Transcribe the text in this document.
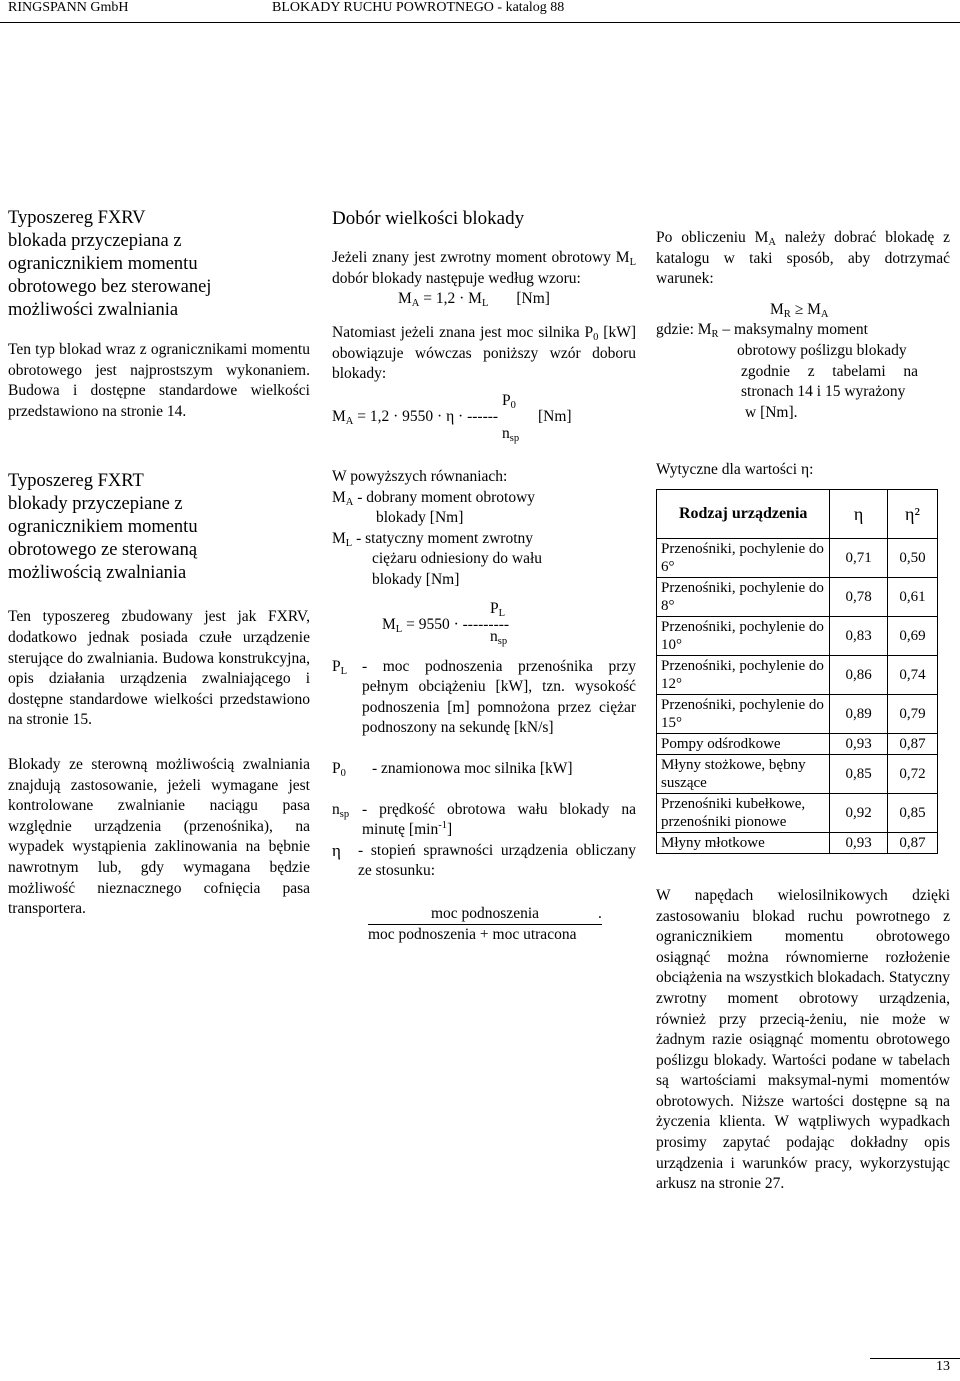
RINGSPANN GmbH	BLOKADY RUCHU POWROTNEGO - katalog 88
Typoszereg FXRV
blokada przyczepiana z
ogranicznikiem momentu
obrotowego bez sterowanej
możliwości zwalniania

Ten typ blokad wraz z ogranicznikami momentu obrotowego jest najprostszym wykonaniem. Budowa i dostępne standardowe wielkości przedstawiono na stronie 14.

Typoszereg FXRT
blokady przyczepiane z
ogranicznikiem momentu
obrotowego ze sterowaną
możliwością zwalniania

Ten typoszereg zbudowany jest jak FXRV, dodatkowo jednak posiada czułe urządzenie sterujące do zwalniania. Budowa konstrukcyjna, opis działania urządzenia zwalniającego i dostępne standardowe wielkości przedstawiono na stronie 15.

Blokady ze sterowną możliwością zwalniania znajdują zastosowanie, jeżeli wymagane jest kontrolowane zwalnianie naciągu pasa względnie urządzenia (przenośnika), na wypadek wystąpienia zaklinowania na bębnie nawrotnym lub, gdy wymagana będzie możliwość nieznacznego cofnięcia pasa transportera.

Dobór wielkości blokady

Jeżeli znany jest zwrotny moment obrotowy $M_L$ dobór blokady następuje według wzoru:

$M_A = 1,2 \cdot M_L$ [Nm]

Natomiast jeżeli znana jest moc silnika $P_0$ [kW] obowiązuje wówczas poniższy wzór doboru blokady:

$P_0$
$M_A = 1,2 \cdot 9550 \cdot \eta$ · ------	[Nm]
$n_{sp}$

W powyższych równaniach:

$M_A$ - dobrany moment obrotowy
blokady [Nm]
$M_L$ - statyczny moment zwrotny
ciężaru odniesiony do wału
blokady [Nm]
$P_L$
$M_L = 9550$ · ---------
$n_{sp}$
$P_L$ - moc podnoszenia przenośnika przy pełnym obciążeniu [kW], tzn. wysokość podnoszenia [m] pomnożona przez ciężar podnoszony na sekundę [kN/s]

$P_0$	- znamionowa moc silnika [kW]

$n_{sp}$ - prędkość obrotowa wału blokady na minutę $[\min^{-1}]$

η	- stopień sprawności urządzenia obliczany ze stosunku:

moc podnoszenia	.
moc podnoszenia + moc utracona

Po obliczeniu $M_A$ należy dobrać blokadę z katalogu w taki sposób, aby dotrzymać warunek:

$M_R \ge M_A$
gdzie: $M_R$ – maksymalny moment
obrotowy poślizgu blokady
zgodnie z tabelami na
stronach 14 i 15 wyrażony
w [Nm].

Wytyczne dla wartości η:

Rodzaj urządzenia	η	η²
Przenośniki, pochylenie do 6°	0,71	0,50
Przenośniki, pochylenie do 8°	0,78	0,61
Przenośniki, pochylenie do 10°	0,83	0,69
Przenośniki, pochylenie do 12°	0,86	0,74
Przenośniki, pochylenie do 15°	0,89	0,79
Pompy odśrodkowe	0,93	0,87
Młyny stożkowe, bębny suszące	0,85	0,72
Przenośniki kubełkowe, przenośniki pionowe	0,92	0,85
Młyny młotkowe	0,93	0,87

W napędach wielosilnikowych dzięki zastosowaniu blokad ruchu powrotnego z ogranicznikiem momentu obrotowego osiągnąć można równomierne rozłożenie obciążenia na wszystkich blokadach. Statyczny zwrotny moment obrotowy urządzenia, również przy przecią-żeniu, nie może w żadnym razie osiągnąć momentu obrotowego poślizgu blokady. Wartości podane w tabelach są wartościami maksymal-nymi momentów obrotowych. Niższe wartości dostępne są na życzenia klienta. W wątpliwych wypadkach prosimy zapytać podając dokładny opis urządzenia i warunków pracy, wykorzystując arkusz na stronie 27.

13
